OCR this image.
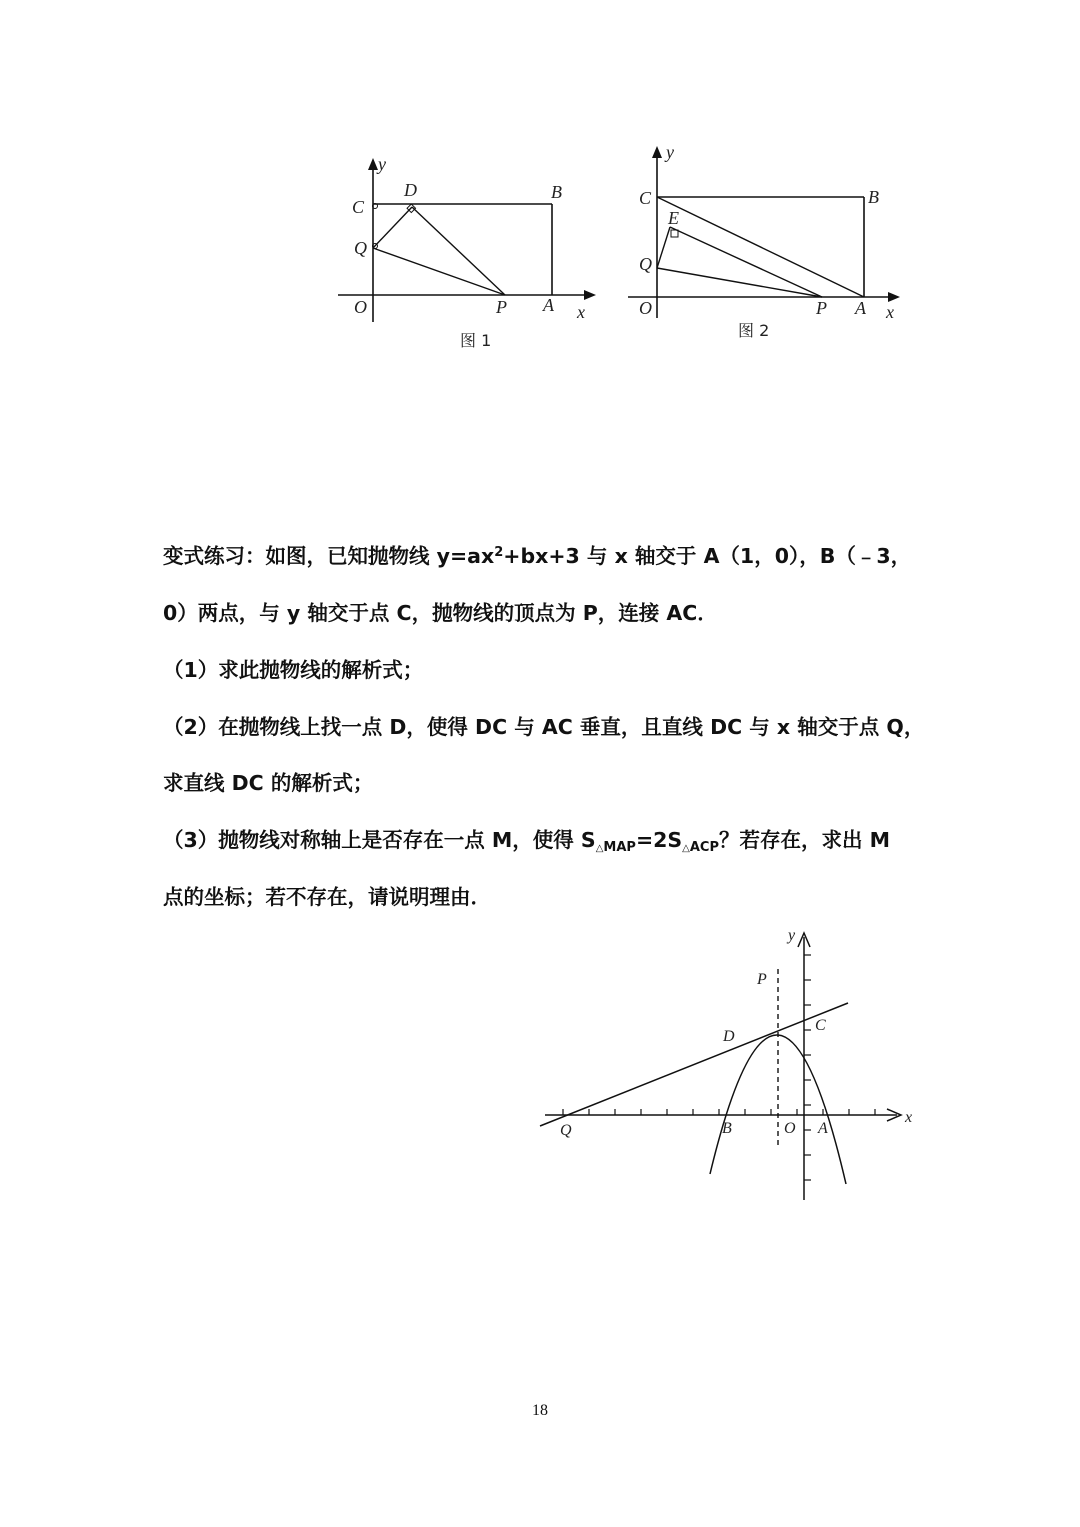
y
C
D	B
Q
O	P A x
图 1
y
C	B
E
Q
O	P A x
图 2
变式练习：如图，已知抛物线 $y=ax^2+bx+3$ 与 x 轴交于 A（1，0），B（﹣3，
0）两点，与 y 轴交于点 C，抛物线的顶点为 P，连接 AC．
（1）求此抛物线的解析式；
（2）在抛物线上找一点 D，使得 DC 与 AC 垂直，且直线 DC 与 x 轴交于点 Q，
求直线 DC 的解析式；
（3）抛物线对称轴上是否存在一点 M，使得 $S\triangle_{MAP}=2S\triangle_{ACP}$？若存在，求出 M
点的坐标；若不存在，请说明理由．
y
P
C
D
Q	B	O A
x
18
